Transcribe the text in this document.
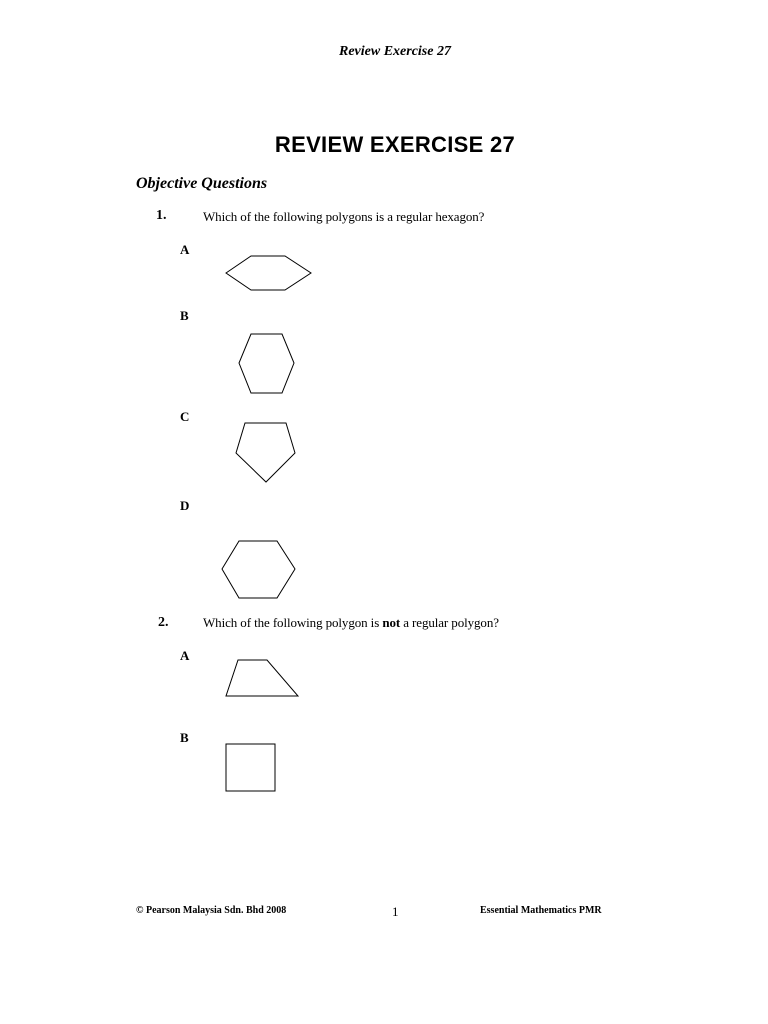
Review Exercise 27
REVIEW EXERCISE 27
Objective Questions
1.	Which of the following polygons is a regular hexagon?
A
B
C
D
2.	Which of the following polygon is not a regular polygon?
A
B
© Pearson Malaysia Sdn. Bhd 2008	1	Essential Mathematics PMR
